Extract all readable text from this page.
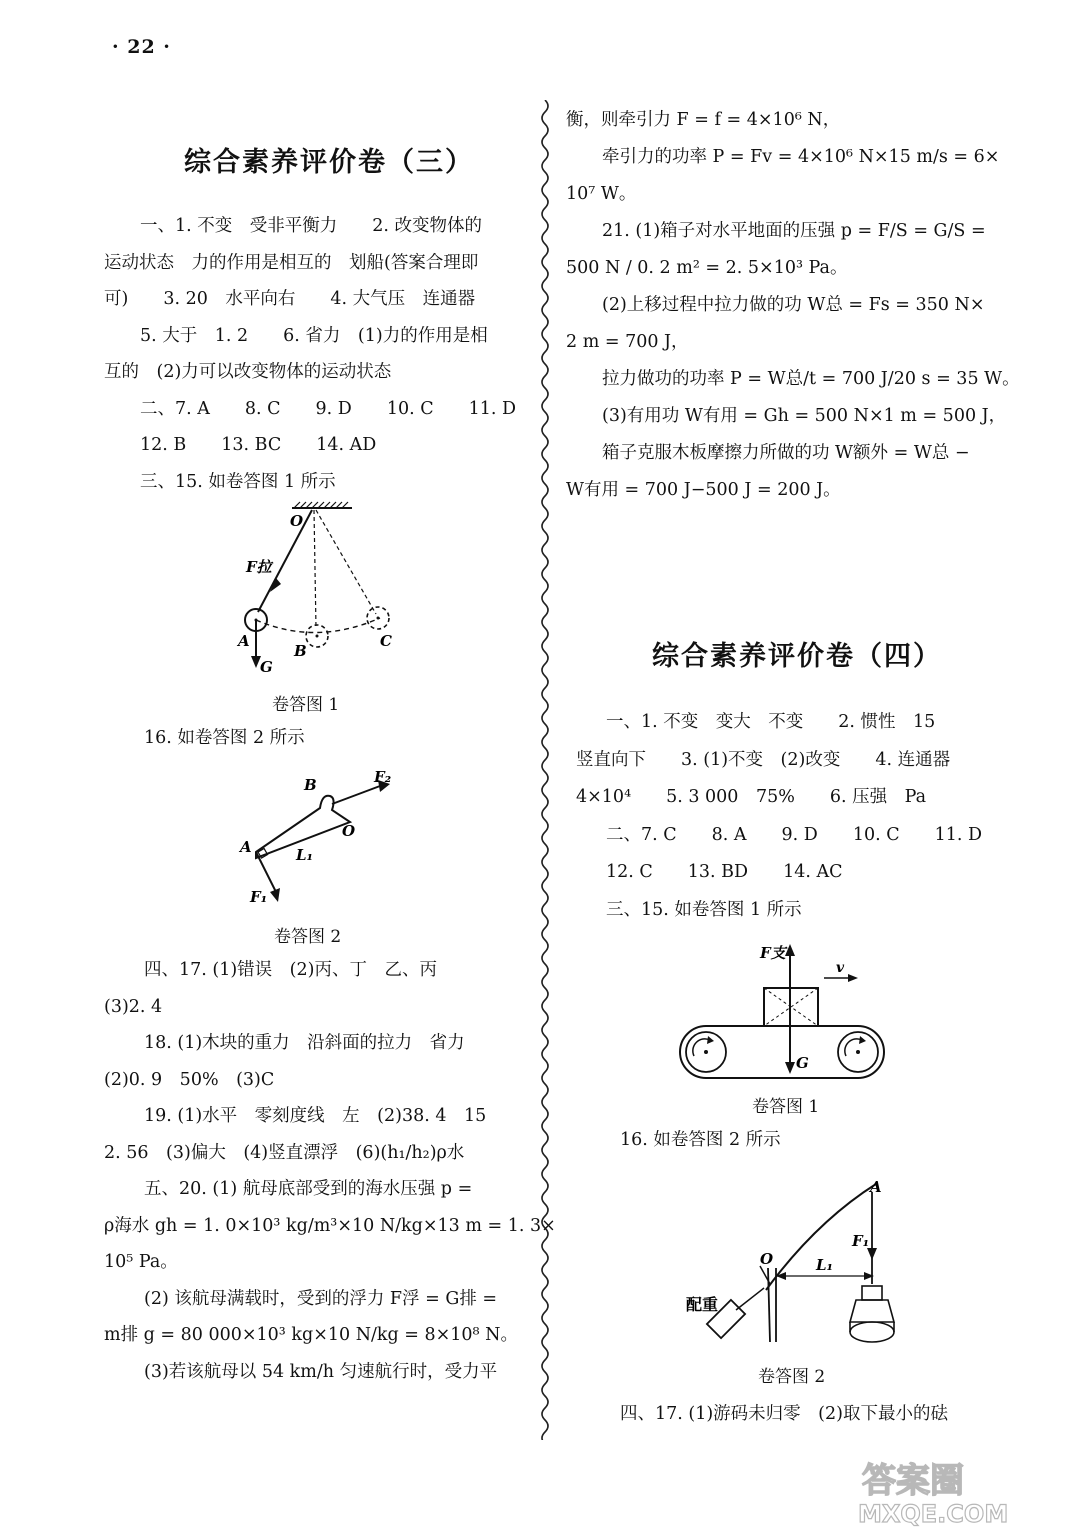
· 22 ·
综合素养评价卷（三）
一、1. 不变　受非平衡力　　2. 改变物体的
运动状态　力的作用是相互的　划船(答案合理即
可)　　3. 20　水平向右　　4. 大气压　连通器
5. 大于　1. 2　　6. 省力　(1)力的作用是相
互的　(2)力可以改变物体的运动状态
二、7. A　　8. C　　9. D　　10. C　　11. D
12. B　　13. BC　　14. AD
三、15. 如卷答图 1 所示
O
F拉
A
B
C
G
卷答图 1
16. 如卷答图 2 所示
B	F₂
O
A	L₁
F₁
卷答图 2
四、17. (1)错误　(2)丙、丁　乙、丙
(3)2. 4
18. (1)木块的重力　沿斜面的拉力　省力
(2)0. 9　50%　(3)C
19. (1)水平　零刻度线　左　(2)38. 4　15
2. 56　(3)偏大　(4)竖直漂浮　(6)(h₁/h₂)ρ水
五、20. (1) 航母底部受到的海水压强 p =
ρ海水 gh = 1. 0×10³ kg/m³×10 N/kg×13 m = 1. 3×
10⁵ Pa。
(2) 该航母满载时，受到的浮力 F浮 = G排 =
m排 g = 80 000×10³ kg×10 N/kg = 8×10⁸ N。
(3)若该航母以 54 km/h 匀速航行时，受力平
衡，则牵引力 F = f = 4×10⁶ N，
牵引力的功率 P = Fv = 4×10⁶ N×15 m/s = 6×
10⁷ W。
21. (1)箱子对水平地面的压强 p = F/S = G/S =
500 N / 0. 2 m² = 2. 5×10³ Pa。
(2)上移过程中拉力做的功 W总 = Fs = 350 N×
2 m = 700 J，
拉力做功的功率 P = W总/t = 700 J/20 s = 35 W。
(3)有用功 W有用 = Gh = 500 N×1 m = 500 J，
箱子克服木板摩擦力所做的功 W额外 = W总 −
W有用 = 700 J−500 J = 200 J。
综合素养评价卷（四）
一、1. 不变　变大　不变　　2. 惯性　15
竖直向下　　3. (1)不变　(2)改变　　4. 连通器
4×10⁴　　5. 3 000　75%　　6. 压强　Pa
二、7. C　　8. A　　9. D　　10. C　　11. D
12. C　　13. BD　　14. AC
三、15. 如卷答图 1 所示
F支
v
G
卷答图 1
16. 如卷答图 2 所示
A
F₁
O	L₁
配重
卷答图 2
四、17. (1)游码未归零　(2)取下最小的砝
答案圈
MXQE.COM
